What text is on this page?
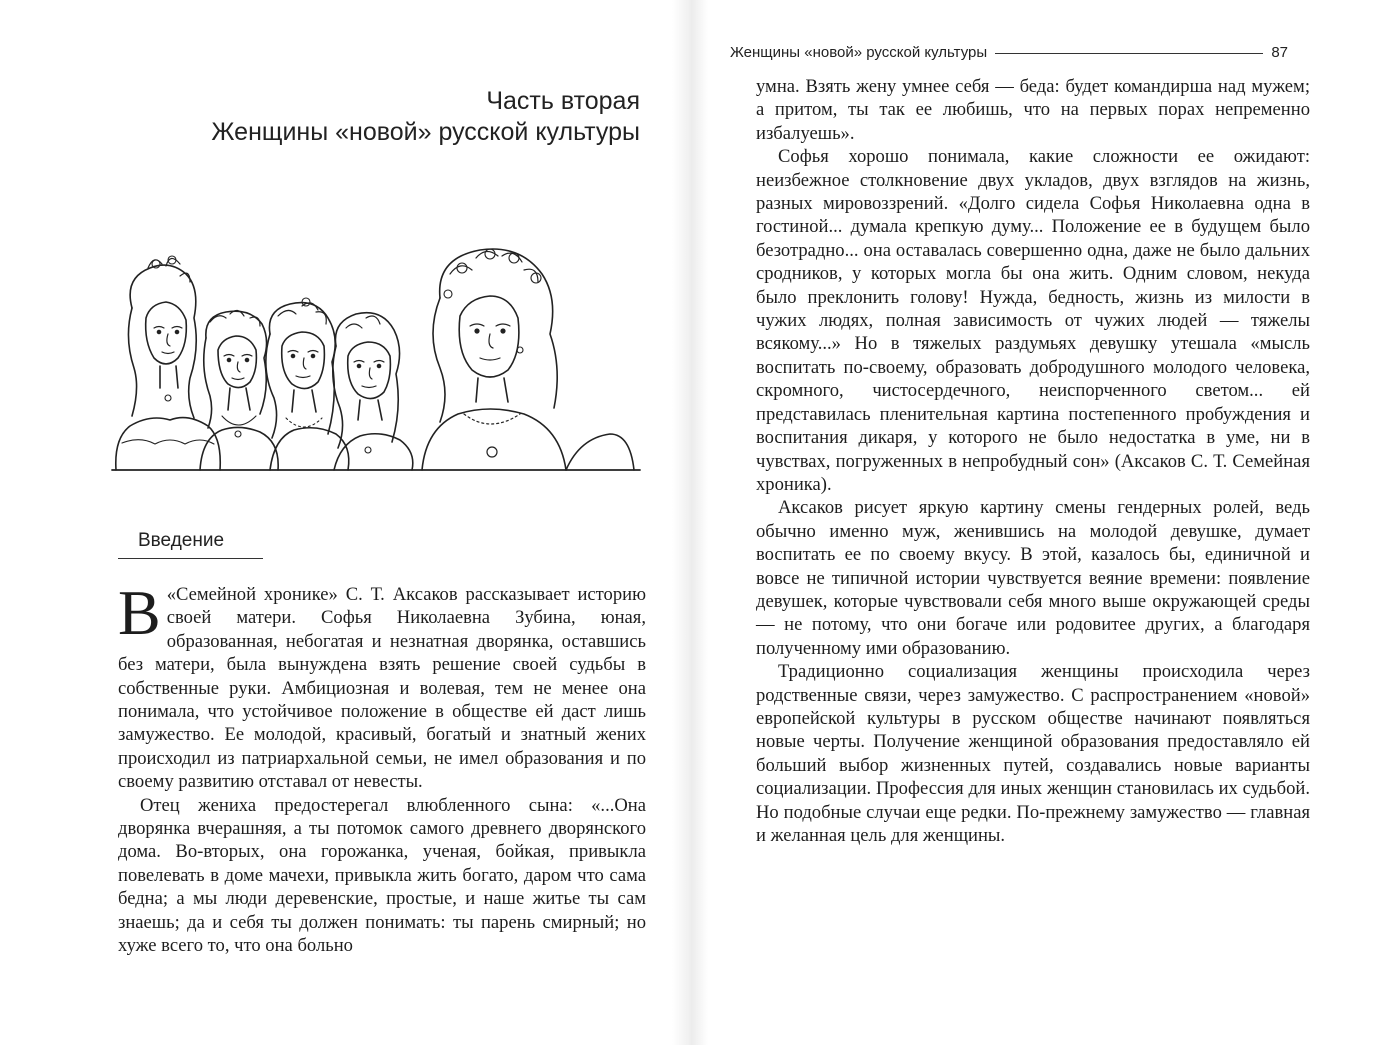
Часть вторая
Женщины «новой» русской культуры
Введение

В «Семейной хронике» С. Т. Аксаков рассказывает историю своей матери. Софья Николаевна Зубина, юная, образованная, небогатая и незнатная дворянка, оставшись без матери, была вынуждена взять решение своей судьбы в собственные руки. Амбициозная и волевая, тем не менее она понимала, что устойчивое положение в обществе ей даст лишь замужество. Ее молодой, красивый, богатый и знатный жених происходил из патриархальной семьи, не имел образования и по своему развитию отставал от невесты.

Отец жениха предостерегал влюбленного сына: «...Она дворянка вчерашняя, а ты потомок самого древнего дворянского дома. Во-вторых, она горожанка, ученая, бойкая, привыкла повелевать в доме мачехи, привыкла жить богато, даром что сама бедна; а мы люди деревенские, простые, и наше житье ты сам знаешь; да и себя ты должен понимать: ты парень смирный; но хуже всего то, что она больно

Женщины «новой» русской культуры	87

умна. Взять жену умнее себя — беда: будет командирша над мужем; а притом, ты так ее любишь, что на первых порах непременно избалуешь».

Софья хорошо понимала, какие сложности ее ожидают: неизбежное столкновение двух укладов, двух взглядов на жизнь, разных мировоззрений. «Долго сидела Софья Николаевна одна в гостиной... думала крепкую думу... Положение ее в будущем было безотрадно... она оставалась совершенно одна, даже не было дальних сродников, у которых могла бы она жить. Одним словом, некуда было преклонить голову! Нужда, бедность, жизнь из милости в чужих людях, полная зависимость от чужих людей — тяжелы всякому...» Но в тяжелых раздумьях девушку утешала «мысль воспитать по-своему, образовать добродушного молодого человека, скромного, чистосердечного, неиспорченного светом... ей представилась пленительная картина постепенного пробуждения и воспитания дикаря, у которого не было недостатка в уме, ни в чувствах, погруженных в непробудный сон» (Аксаков С. Т. Семейная хроника).

Аксаков рисует яркую картину смены гендерных ролей, ведь обычно именно муж, женившись на молодой девушке, думает воспитать ее по своему вкусу. В этой, казалось бы, единичной и вовсе не типичной истории чувствуется веяние времени: появление девушек, которые чувствовали себя много выше окружающей среды — не потому, что они богаче или родовитее других, а благодаря полученному ими образованию.

Традиционно социализация женщины происходила через родственные связи, через замужество. С распространением «новой» европейской культуры в русском обществе начинают появляться новые черты. Получение женщиной образования предоставляло ей больший выбор жизненных путей, создавались новые варианты социализации. Профессия для иных женщин становилась их судьбой. Но подобные случаи еще редки. По-прежнему замужество — главная и желанная цель для женщины.
